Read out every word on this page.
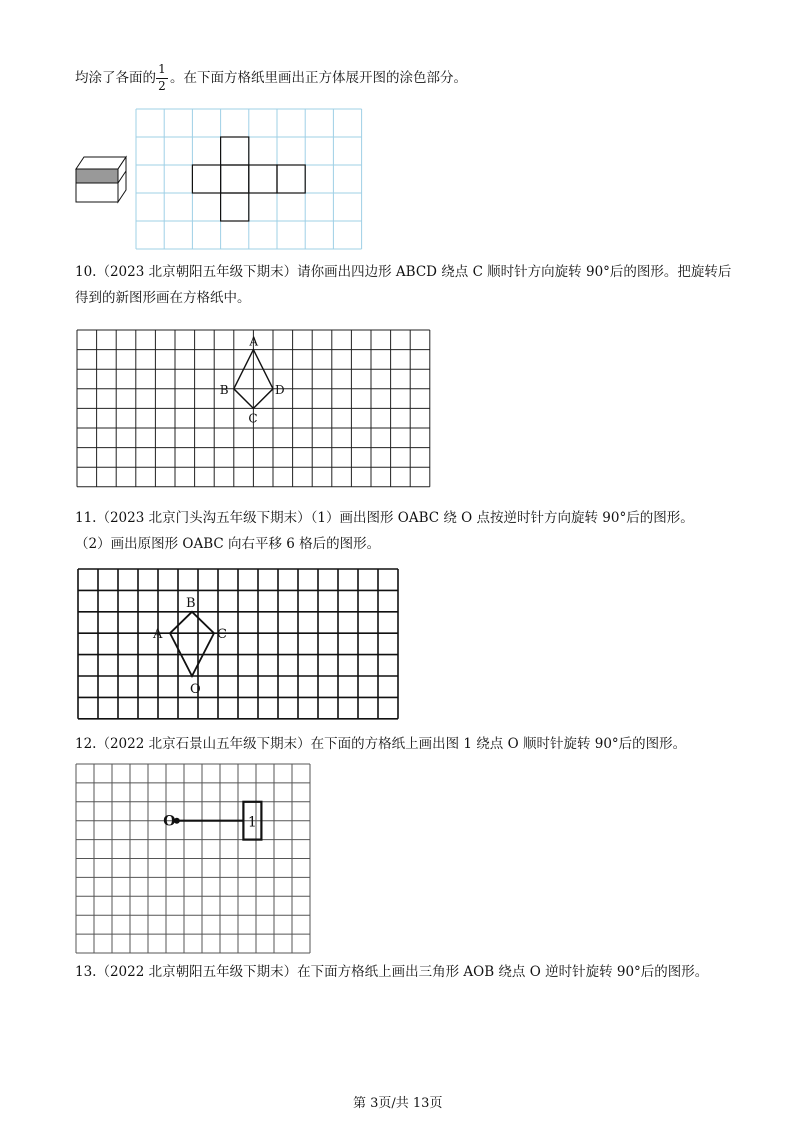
均涂了各面的
1
2 。在下面方格纸里画出正方体展开图的涂色部分。
10.（2023 北京朝阳五年级下期末）请你画出四边形 ABCD 绕点 C 顺时针方向旋转 90°后的图形。把旋转后
得到的新图形画在方格纸中。
A
B
C
D
11.（2023 北京门头沟五年级下期末）（1）画出图形 OABC 绕 O 点按逆时针方向旋转 90°后的图形。
（2）画出原图形 OABC 向右平移 6 格后的图形。
B
A	C
O
12.（2022 北京石景山五年级下期末）在下面的方格纸上画出图 1 绕点 O 顺时针旋转 90°后的图形。
O	1
13.（2022 北京朝阳五年级下期末）在下面方格纸上画出三角形 AOB 绕点 O 逆时针旋转 90°后的图形。
第 3页/共 13页
